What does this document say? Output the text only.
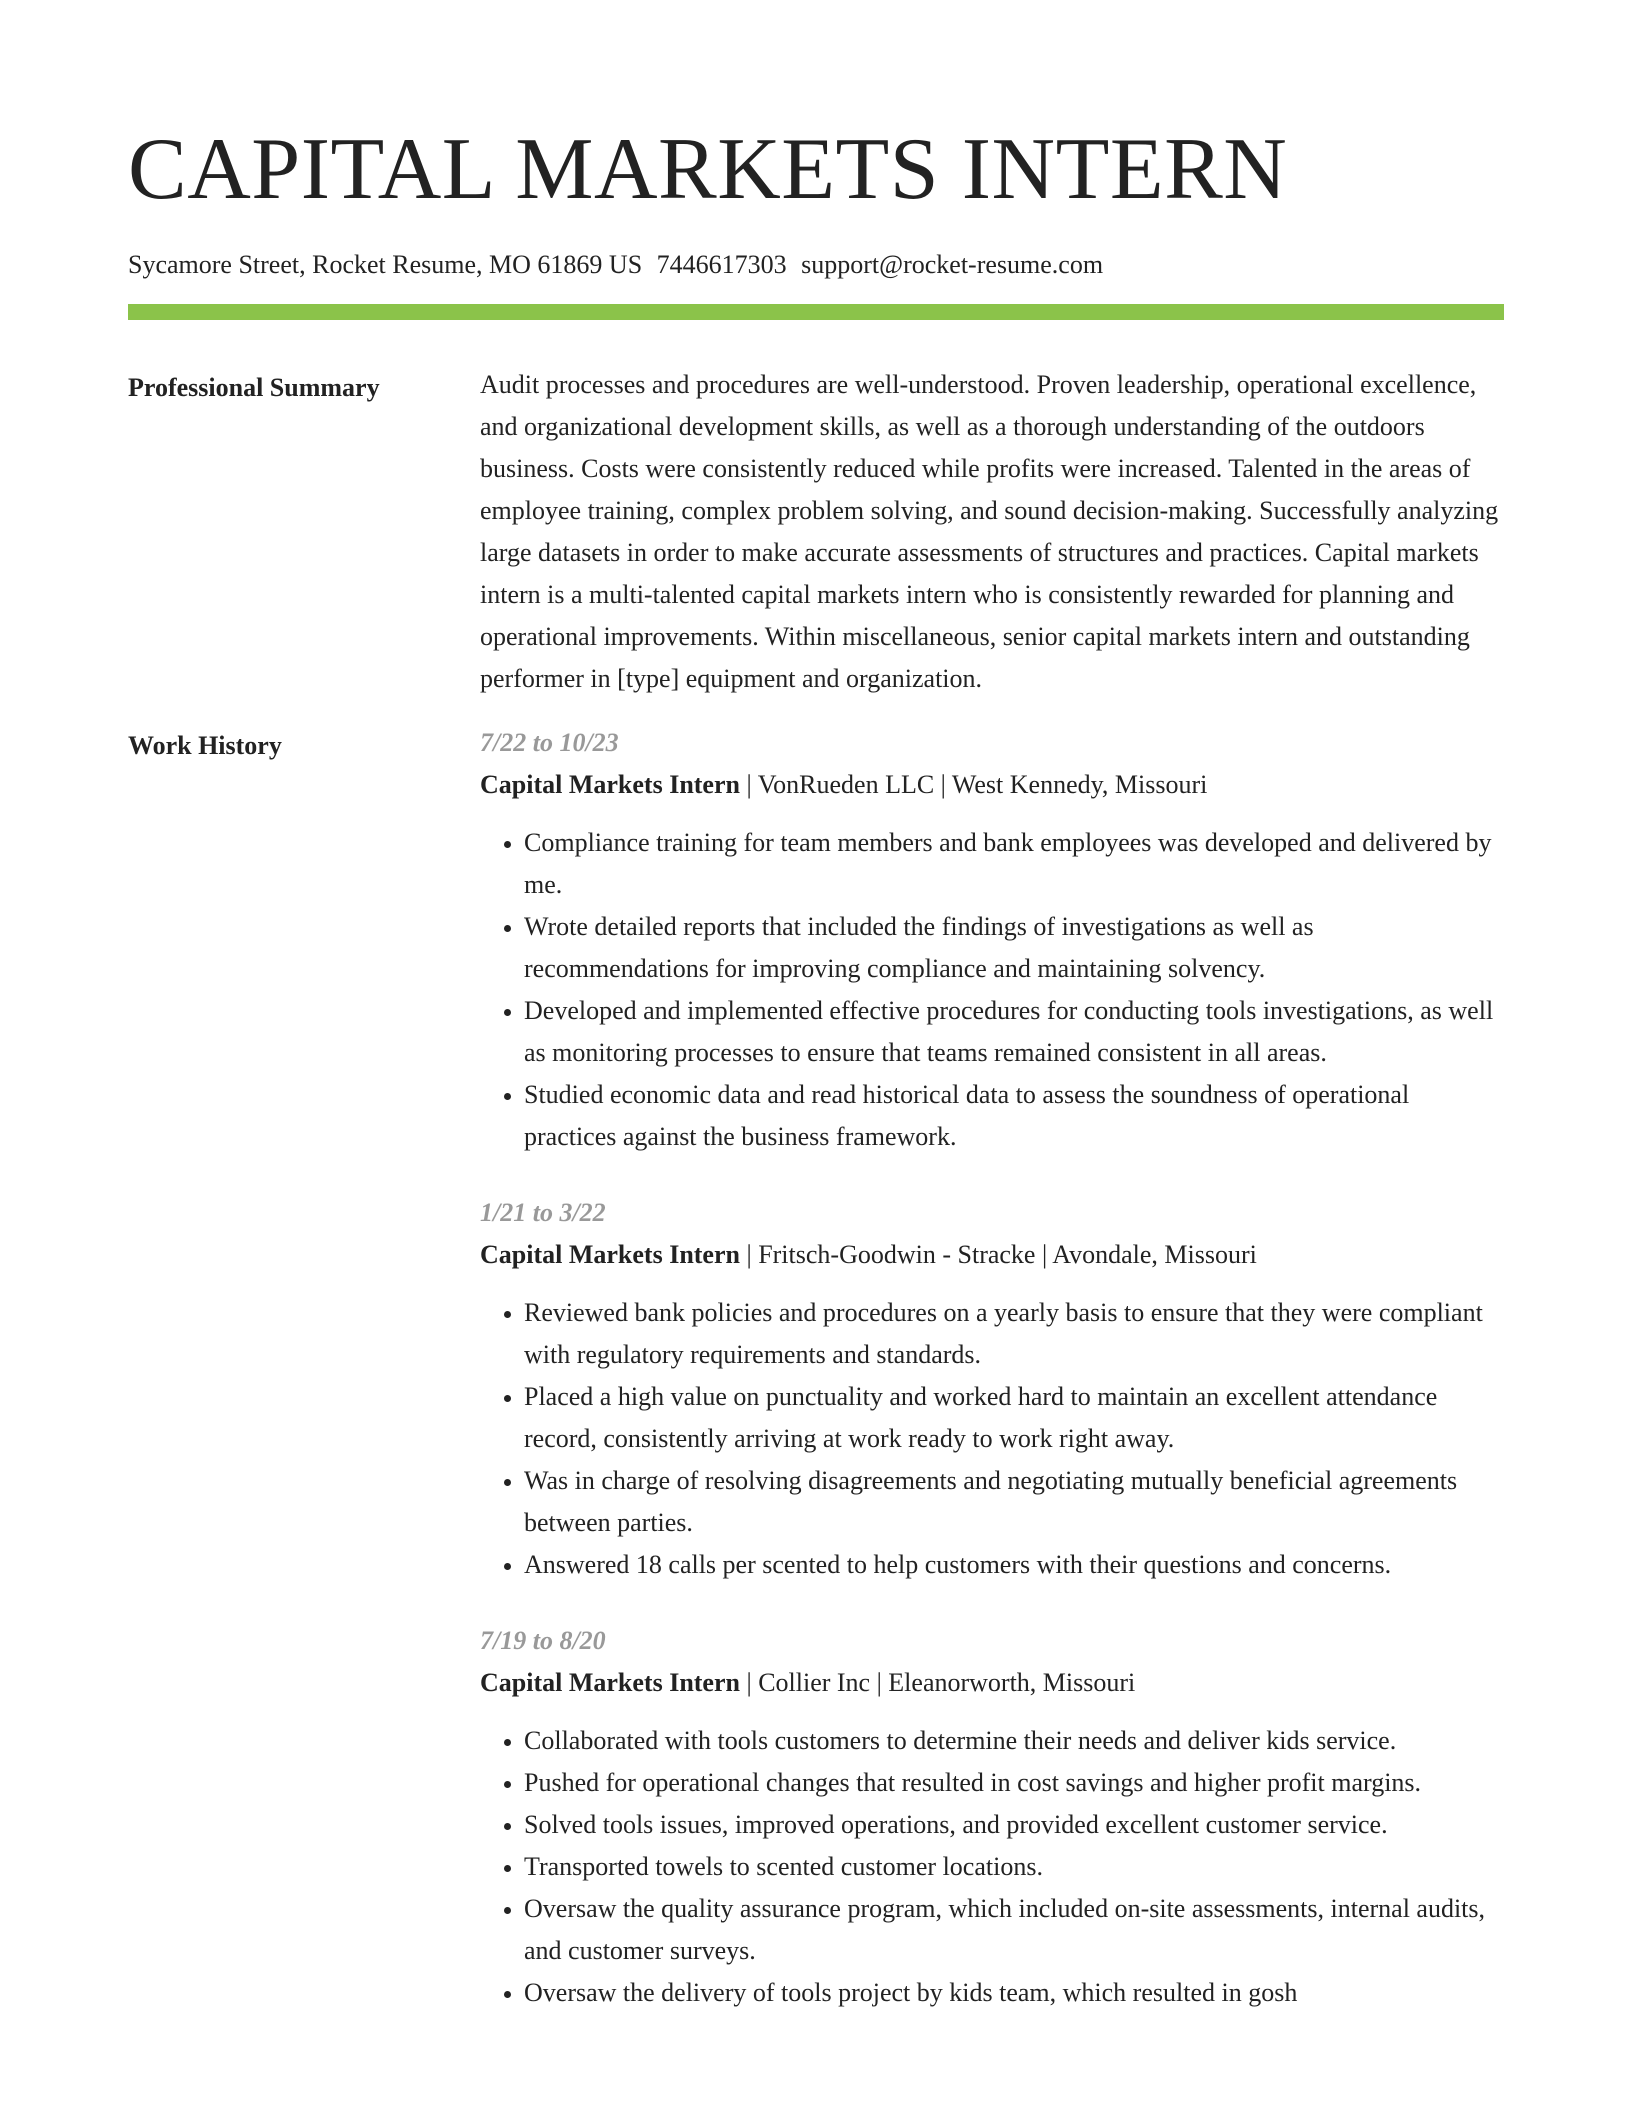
CAPITAL MARKETS INTERN
Sycamore Street, Rocket Resume, MO 61869 US 7446617303 support@rocket-resume.com
Professional Summary	Audit processes and procedures are well-understood. Proven leadership, operational excellence, and organizational development skills, as well as a thorough understanding of the outdoors business. Costs were consistently reduced while profits were increased. Talented in the areas of employee training, complex problem solving, and sound decision-making. Successfully analyzing large datasets in order to make accurate assessments of structures and practices. Capital markets intern is a multi-talented capital markets intern who is consistently rewarded for planning and operational improvements. Within miscellaneous, senior capital markets intern and outstanding performer in [type] equipment and organization.

Work History	7/22 to 10/23
Capital Markets Intern | VonRueden LLC | West Kennedy, Missouri
• Compliance training for team members and bank employees was developed and delivered by me.
• Wrote detailed reports that included the findings of investigations as well as recommendations for improving compliance and maintaining solvency.
• Developed and implemented effective procedures for conducting tools investigations, as well as monitoring processes to ensure that teams remained consistent in all areas.
• Studied economic data and read historical data to assess the soundness of operational practices against the business framework.
1/21 to 3/22
Capital Markets Intern | Fritsch-Goodwin - Stracke | Avondale, Missouri
• Reviewed bank policies and procedures on a yearly basis to ensure that they were compliant with regulatory requirements and standards.
• Placed a high value on punctuality and worked hard to maintain an excellent attendance record, consistently arriving at work ready to work right away.
• Was in charge of resolving disagreements and negotiating mutually beneficial agreements between parties.
• Answered 18 calls per scented to help customers with their questions and concerns.
7/19 to 8/20
Capital Markets Intern | Collier Inc | Eleanorworth, Missouri
• Collaborated with tools customers to determine their needs and deliver kids service.
• Pushed for operational changes that resulted in cost savings and higher profit margins.
• Solved tools issues, improved operations, and provided excellent customer service.
• Transported towels to scented customer locations.
• Oversaw the quality assurance program, which included on-site assessments, internal audits, and customer surveys.
• Oversaw the delivery of tools project by kids team, which resulted in gosh
